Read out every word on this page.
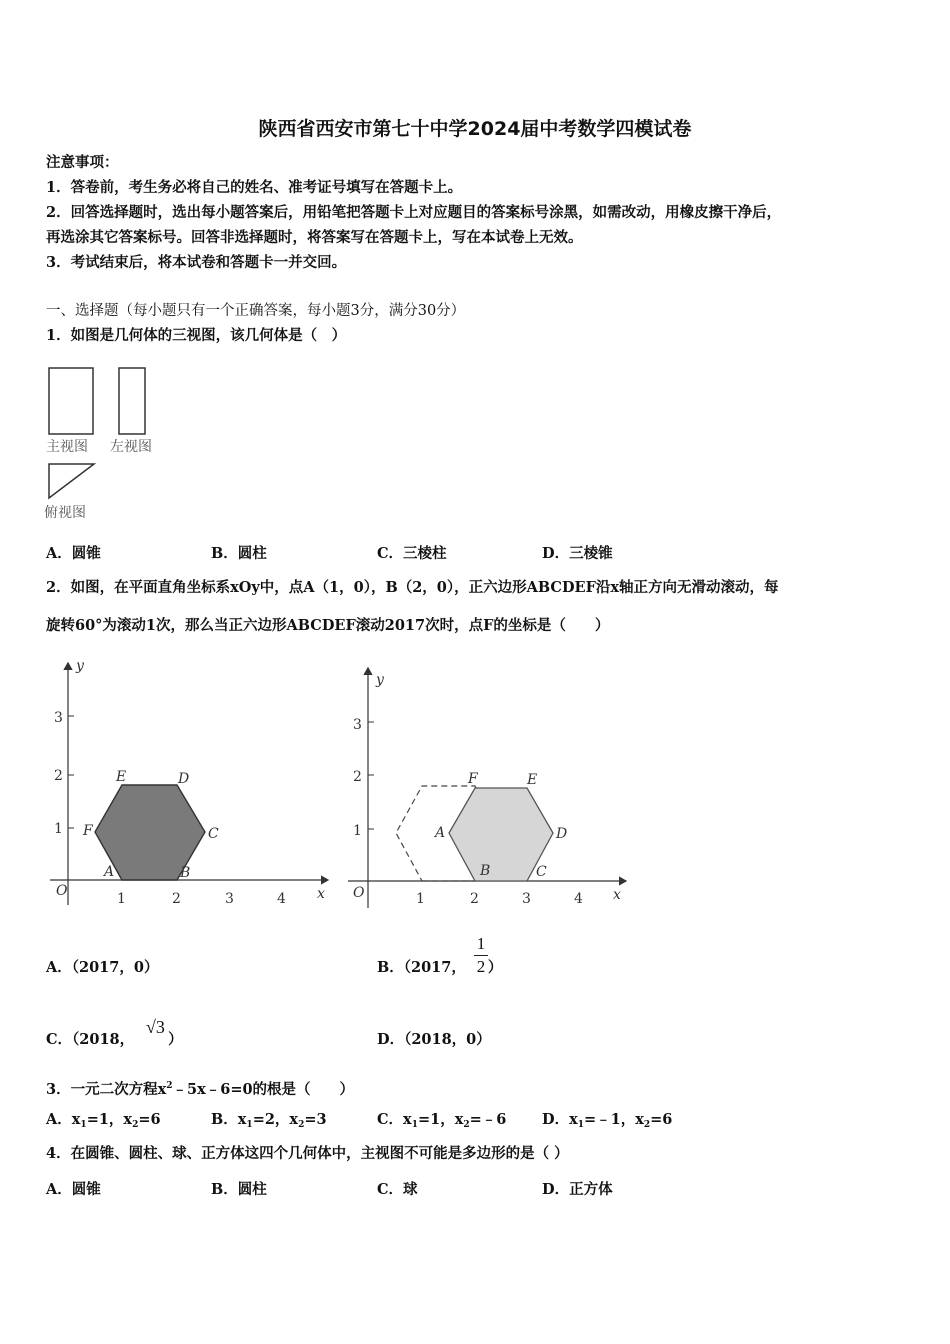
陕西省西安市第七十中学2024届中考数学四模试卷
注意事项：
1．答卷前，考生务必将自己的姓名、准考证号填写在答题卡上。
2．回答选择题时，选出每小题答案后，用铅笔把答题卡上对应题目的答案标号涂黑，如需改动，用橡皮擦干净后，
再选涂其它答案标号。回答非选择题时，将答案写在答题卡上，写在本试卷上无效。
3．考试结束后，将本试卷和答题卡一并交回。
一、选择题（每小题只有一个正确答案，每小题3分，满分30分）
1．如图是几何体的三视图，该几何体是（　）
主视图 左视图
俯视图
A．圆锥	B．圆柱	C．三棱柱	D．三棱锥
2．如图，在平面直角坐标系xOy中，点A（1，0），B（2，0），正六边形ABCDEF沿x轴正方向无滑动滚动，每
旋转60°为滚动1次，那么当正六边形ABCDEF滚动2017次时，点F的坐标是（　　）
O	x
y
1	2	3	4
1
2
3
A	B
C
D
E
F
O	x
y
1	2	3	4
1
2
3
A
B	C
D
E
F
A．（2017，0）	B．（2017， ）
1
2
C．（2018， ）
√3
D．（2018，0）
3．一元二次方程$x^2﹣5x﹣6=0$的根是（　　）
A．$x_1=1$，$x_2=6$	B．$x_1=2$，$x_2=3$	C．$x_1=1$，$x_2=﹣6$ D．$x_1=﹣1$，$x_2=6$
4．在圆锥、圆柱、球、正方体这四个几何体中，主视图不可能是多边形的是（ ）
A．圆锥	B．圆柱	C．球	D．正方体
